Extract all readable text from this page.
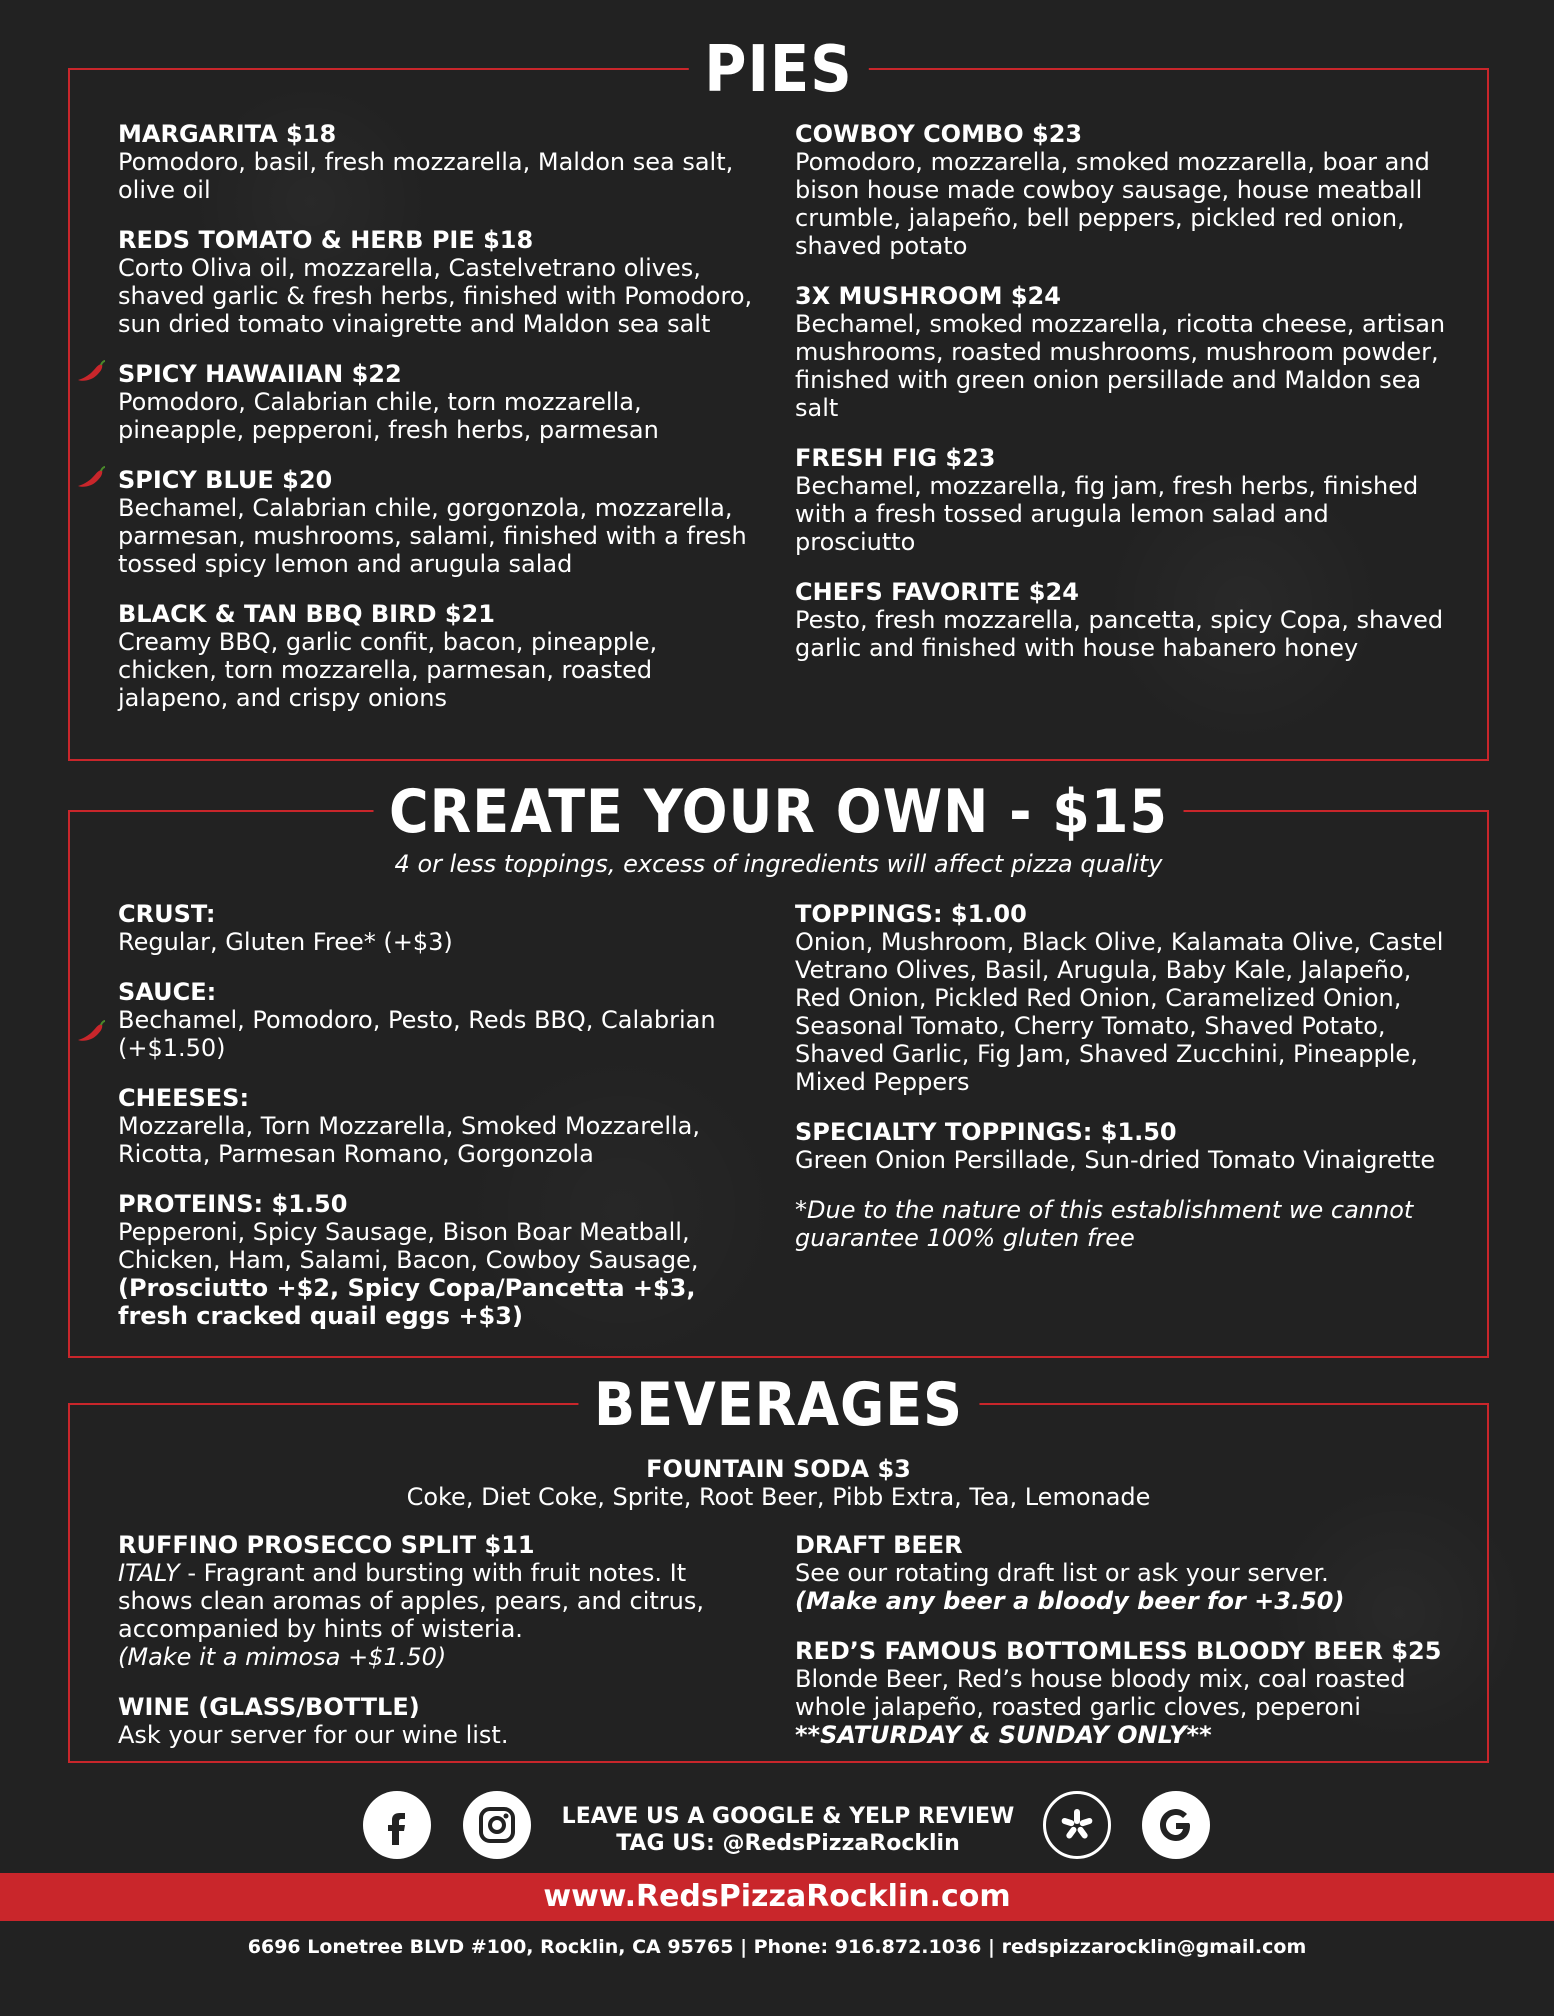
PIES
MARGARITA $18
Pomodoro, basil, fresh mozzarella, Maldon sea salt, olive oil
REDS TOMATO & HERB PIE $18
Corto Oliva oil, mozzarella, Castelvetrano olives, shaved garlic & fresh herbs, finished with Pomodoro, sun dried tomato vinaigrette and Maldon sea salt
SPICY HAWAIIAN $22
Pomodoro, Calabrian chile, torn mozzarella, pineapple, pepperoni, fresh herbs, parmesan
SPICY BLUE $20
Bechamel, Calabrian chile, gorgonzola, mozzarella, parmesan, mushrooms, salami, finished with a fresh tossed spicy lemon and arugula salad
BLACK & TAN BBQ BIRD $21
Creamy BBQ, garlic confit, bacon, pineapple, chicken, torn mozzarella, parmesan, roasted jalapeno, and crispy onions
COWBOY COMBO $23
Pomodoro, mozzarella, smoked mozzarella, boar and bison house made cowboy sausage, house meatball crumble, jalapeño, bell peppers, pickled red onion, shaved potato
3X MUSHROOM $24
Bechamel, smoked mozzarella, ricotta cheese, artisan mushrooms, roasted mushrooms, mushroom powder, finished with green onion persillade and Maldon sea salt
FRESH FIG $23
Bechamel, mozzarella, fig jam, fresh herbs, finished with a fresh tossed arugula lemon salad and prosciutto
CHEFS FAVORITE $24
Pesto, fresh mozzarella, pancetta, spicy Copa, shaved garlic and finished with house habanero honey
CREATE YOUR OWN - $15
4 or less toppings, excess of ingredients will affect pizza quality
CRUST:
Regular, Gluten Free* (+$3)
SAUCE:
Bechamel, Pomodoro, Pesto, Reds BBQ, Calabrian (+$1.50)
CHEESES:
Mozzarella, Torn Mozzarella, Smoked Mozzarella, Ricotta, Parmesan Romano, Gorgonzola
PROTEINS: $1.50
Pepperoni, Spicy Sausage, Bison Boar Meatball, Chicken, Ham, Salami, Bacon, Cowboy Sausage,
(Prosciutto +$2, Spicy Copa/Pancetta +$3, fresh cracked quail eggs +$3)
TOPPINGS: $1.00
Onion, Mushroom, Black Olive, Kalamata Olive, Castel Vetrano Olives, Basil, Arugula, Baby Kale, Jalapeño, Red Onion, Pickled Red Onion, Caramelized Onion, Seasonal Tomato, Cherry Tomato, Shaved Potato, Shaved Garlic, Fig Jam, Shaved Zucchini, Pineapple, Mixed Peppers
SPECIALTY TOPPINGS: $1.50
Green Onion Persillade, Sun-dried Tomato Vinaigrette
*Due to the nature of this establishment we cannot guarantee 100% gluten free
BEVERAGES
FOUNTAIN SODA $3
Coke, Diet Coke, Sprite, Root Beer, Pibb Extra, Tea, Lemonade
RUFFINO PROSECCO SPLIT $11
ITALY - Fragrant and bursting with fruit notes. It shows clean aromas of apples, pears, and citrus, accompanied by hints of wisteria.
(Make it a mimosa +$1.50)
WINE (GLASS/BOTTLE)
Ask your server for our wine list.
DRAFT BEER
See our rotating draft list or ask your server.
(Make any beer a bloody beer for +3.50)
RED’S FAMOUS BOTTOMLESS BLOODY BEER $25
Blonde Beer, Red’s house bloody mix, coal roasted whole jalapeño, roasted garlic cloves, peperoni
**SATURDAY & SUNDAY ONLY**
LEAVE US A GOOGLE & YELP REVIEW
TAG US: @RedsPizzaRocklin
www.RedsPizzaRocklin.com
6696 Lonetree BLVD #100, Rocklin, CA 95765 | Phone: 916.872.1036 | redspizzarocklin@gmail.com
